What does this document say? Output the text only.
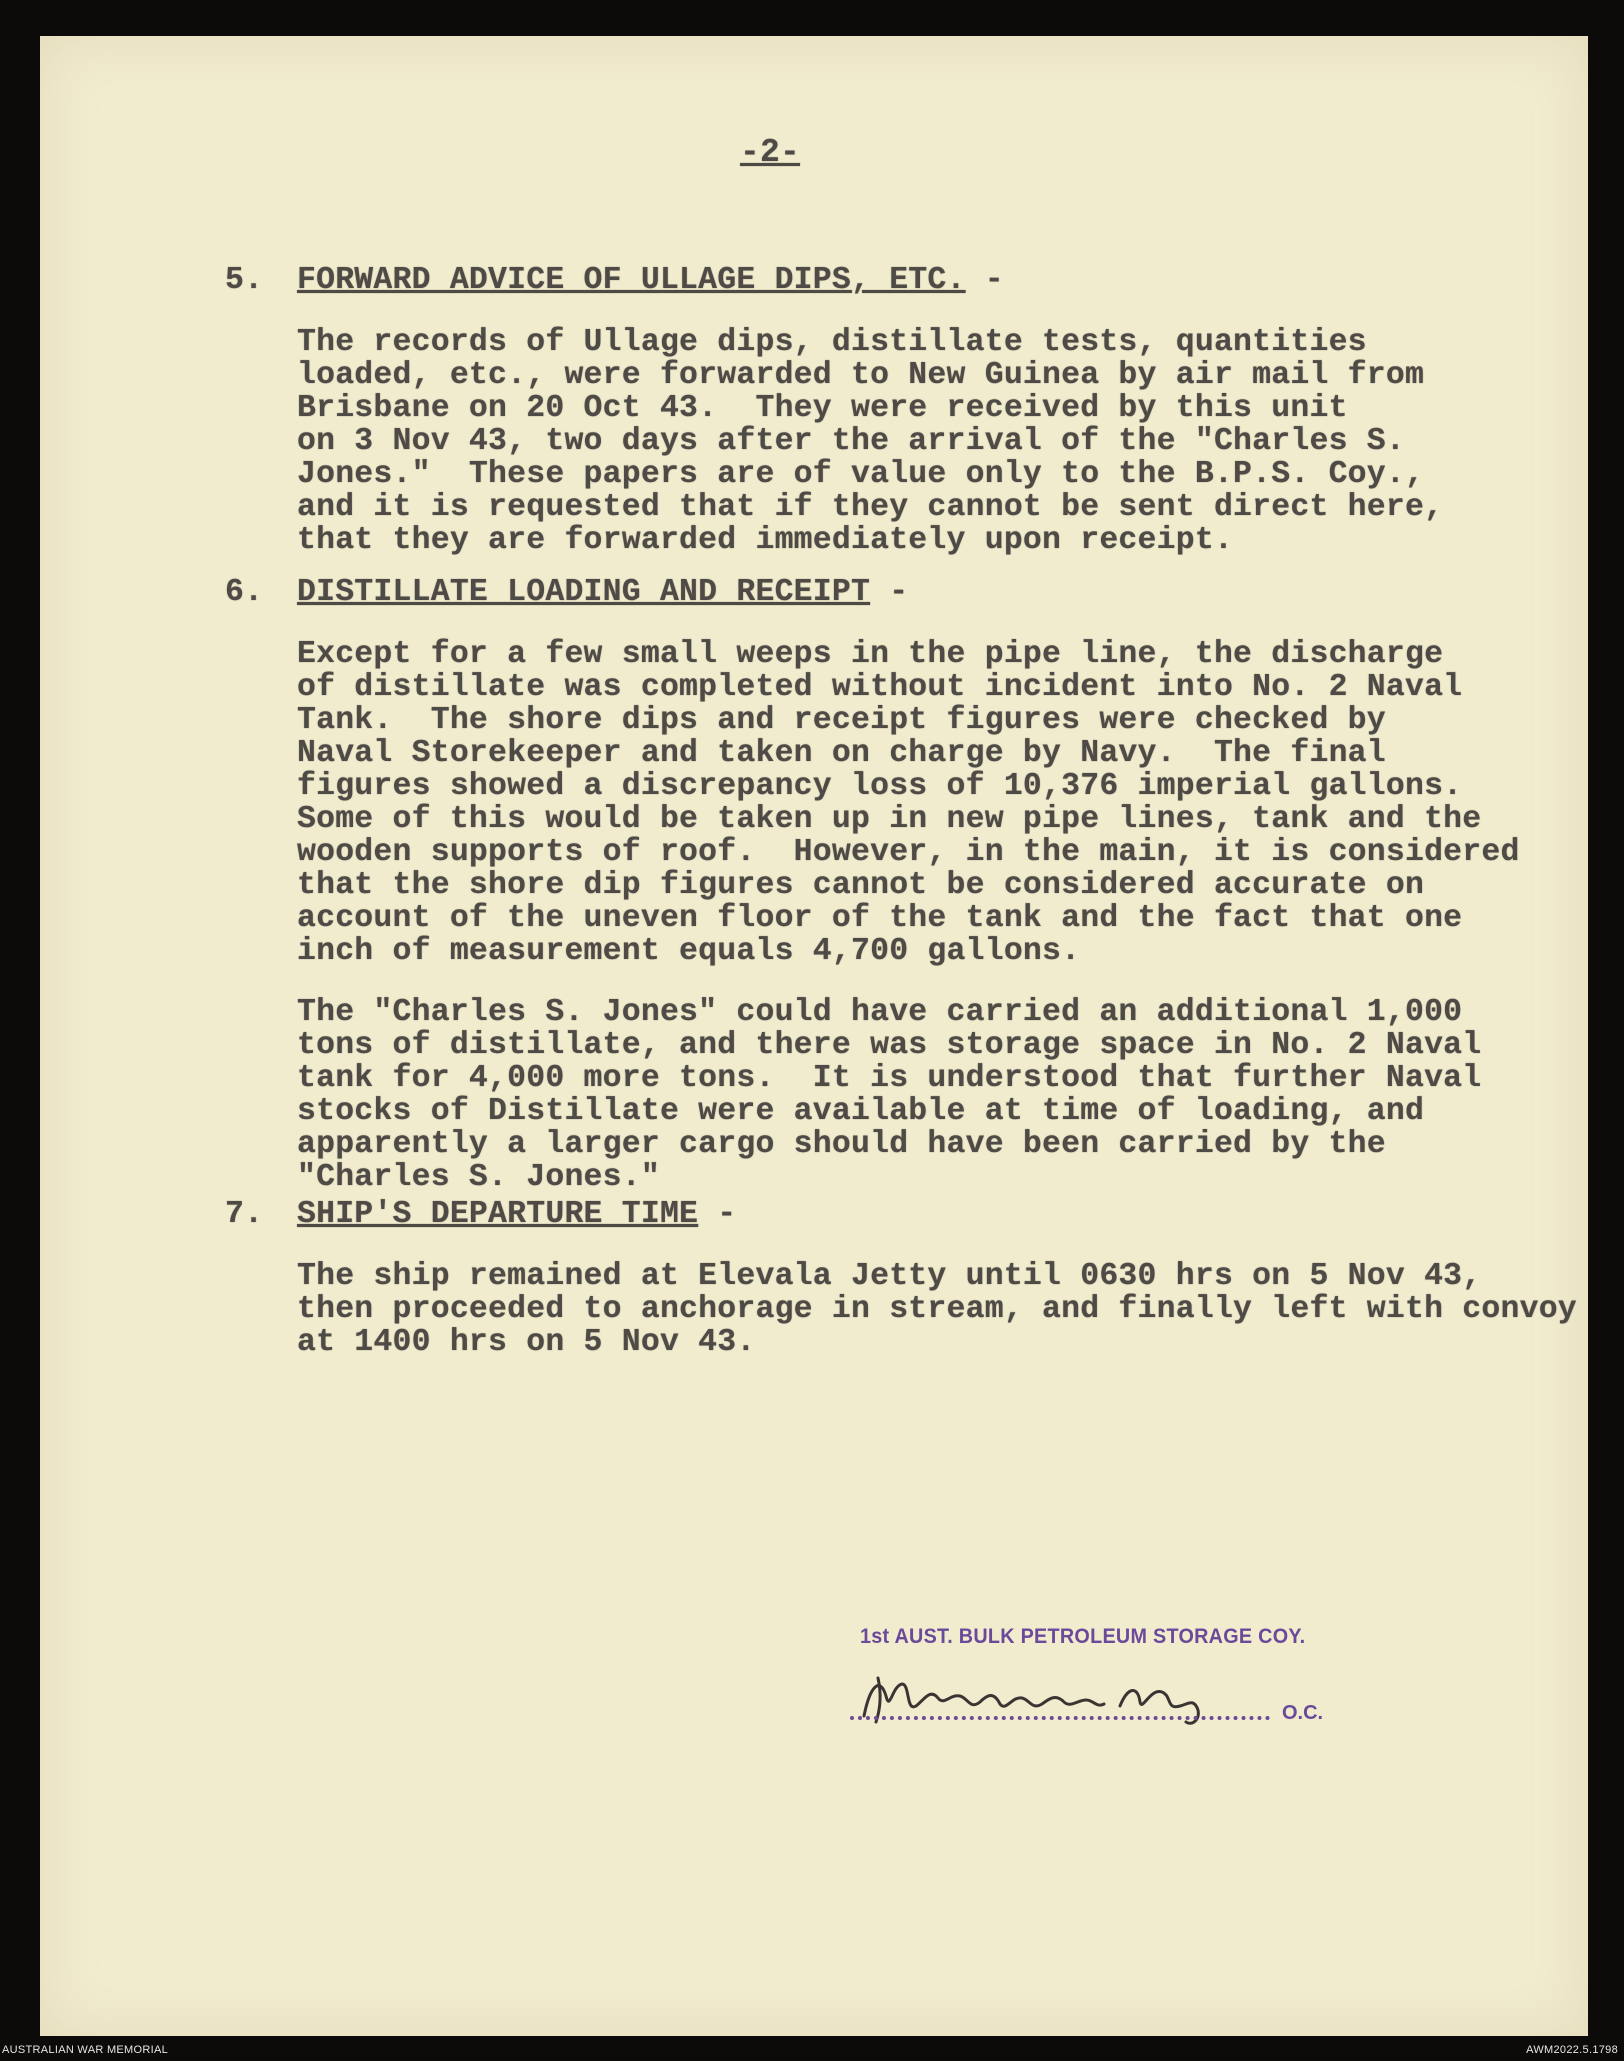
-2-
5. FORWARD ADVICE OF ULLAGE DIPS, ETC. -
The records of Ullage dips, distillate tests, quantities
loaded, etc., were forwarded to New Guinea by air mail from
Brisbane on 20 Oct 43.  They were received by this unit
on 3 Nov 43, two days after the arrival of the "Charles S.
Jones."  These papers are of value only to the B.P.S. Coy.,
and it is requested that if they cannot be sent direct here,
that they are forwarded immediately upon receipt.
6. DISTILLATE LOADING AND RECEIPT -
Except for a few small weeps in the pipe line, the discharge
of distillate was completed without incident into No. 2 Naval
Tank.  The shore dips and receipt figures were checked by
Naval Storekeeper and taken on charge by Navy.  The final
figures showed a discrepancy loss of 10,376 imperial gallons.
Some of this would be taken up in new pipe lines, tank and the
wooden supports of roof.  However, in the main, it is considered
that the shore dip figures cannot be considered accurate on
account of the uneven floor of the tank and the fact that one
inch of measurement equals 4,700 gallons.
The "Charles S. Jones" could have carried an additional 1,000
tons of distillate, and there was storage space in No. 2 Naval
tank for 4,000 more tons.  It is understood that further Naval
stocks of Distillate were available at time of loading, and
apparently a larger cargo should have been carried by the
"Charles S. Jones."
7. SHIP'S DEPARTURE TIME -
The ship remained at Elevala Jetty until 0630 hrs on 5 Nov 43,
then proceeded to anchorage in stream, and finally left with convoy
at 1400 hrs on 5 Nov 43.
1st AUST. BULK PETROLEUM STORAGE COY.
O.C.
AUSTRALIAN WAR MEMORIAL	AWM2022.5.1798
